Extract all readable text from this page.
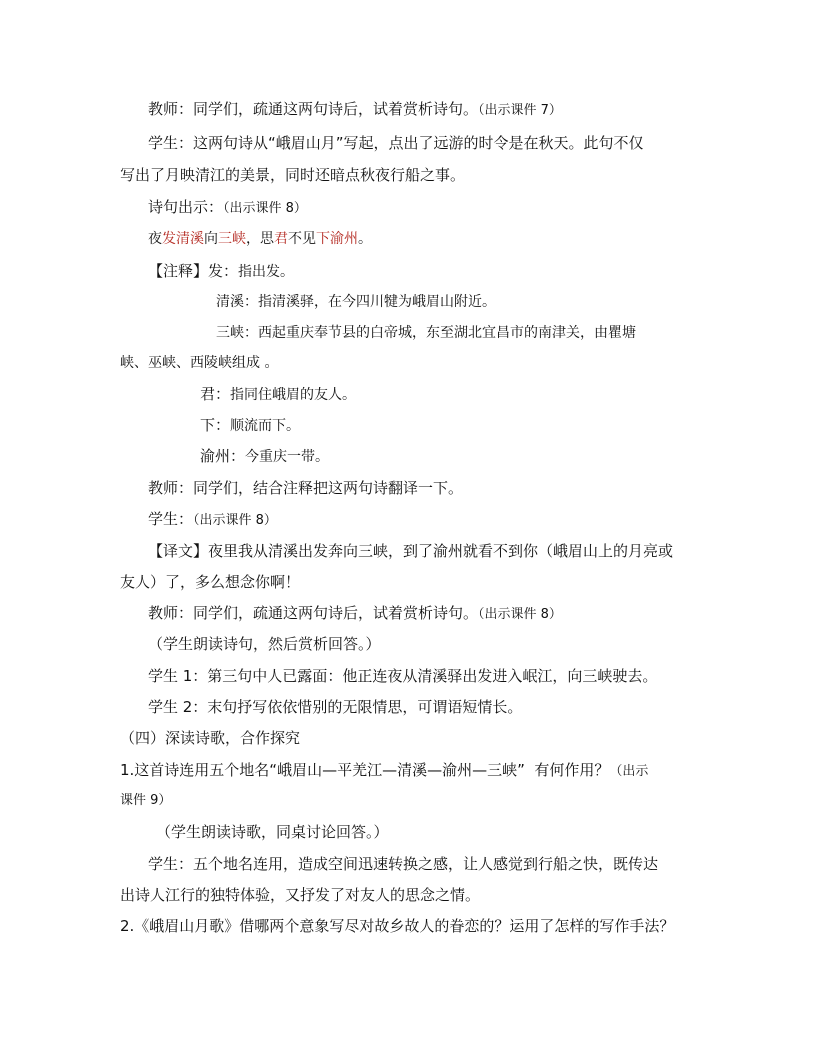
教师：同学们，疏通这两句诗后，试着赏析诗句。（出示课件 7）
学生：这两句诗从“峨眉山月”写起，点出了远游的时令是在秋天。此句不仅
写出了月映清江的美景，同时还暗点秋夜行船之事。
诗句出示：（出示课件 8）
夜发清溪向三峡，思君不见下渝州。
【注释】发：指出发。
清溪：指清溪驿，在今四川犍为峨眉山附近。
三峡：西起重庆奉节县的白帝城，东至湖北宜昌市的南津关，由瞿塘
峡、巫峡、西陵峡组成 。
君：指同住峨眉的友人。
下：顺流而下。
渝州：今重庆一带。
教师：同学们，结合注释把这两句诗翻译一下。
学生：（出示课件 8）
【译文】夜里我从清溪出发奔向三峡，到了渝州就看不到你（峨眉山上的月亮或
友人）了，多么想念你啊！
教师：同学们，疏通这两句诗后，试着赏析诗句。（出示课件 8）
（学生朗读诗句，然后赏析回答。）
学生 1：第三句中人已露面：他正连夜从清溪驿出发进入岷江，向三峡驶去。
学生 2：末句抒写依依惜别的无限情思，可谓语短情长。
（四）深读诗歌，合作探究
1.这首诗连用五个地名“峨眉山—平羌江—清溪—渝州—三峡”  有何作用？（出示
课件 9）
（学生朗读诗歌，同桌讨论回答。）
学生：五个地名连用，造成空间迅速转换之感，让人感觉到行船之快，既传达
出诗人江行的独特体验，又抒发了对友人的思念之情。
2.《峨眉山月歌》借哪两个意象写尽对故乡故人的眷恋的？运用了怎样的写作手法？
